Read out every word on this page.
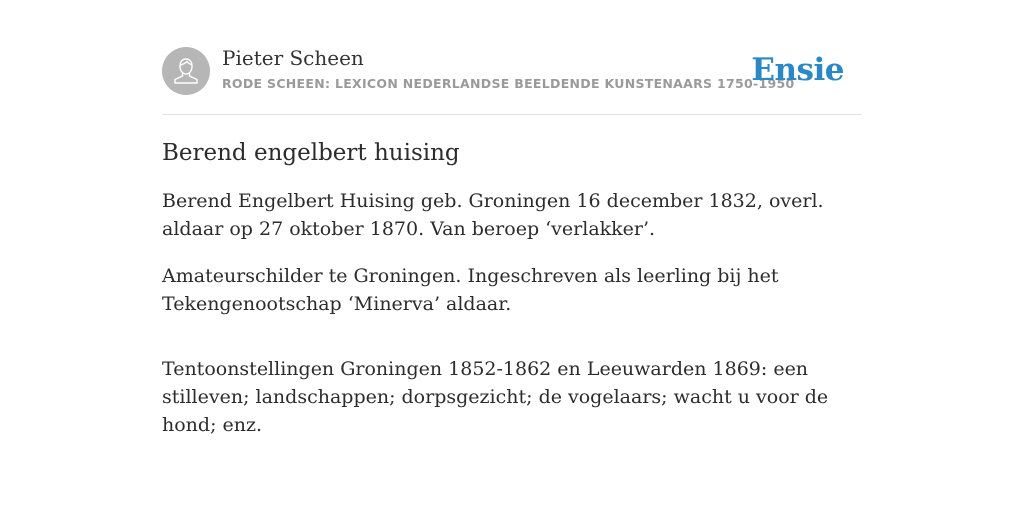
Pieter Scheen
RODE SCHEEN: LEXICON NEDERLANDSE BEELDENDE KUNSTENAARS 1750-1950
Ensie
Berend engelbert huising

Berend Engelbert Huising geb. Groningen 16 december 1832, overl. aldaar op 27 oktober 1870. Van beroep ‘verlakker’.

Amateurschilder te Groningen. Ingeschreven als leerling bij het Tekengenootschap ‘Minerva’ aldaar.

Tentoonstellingen Groningen 1852-1862 en Leeuwarden 1869: een stilleven; landschappen; dorpsgezicht; de vogelaars; wacht u voor de hond; enz.
